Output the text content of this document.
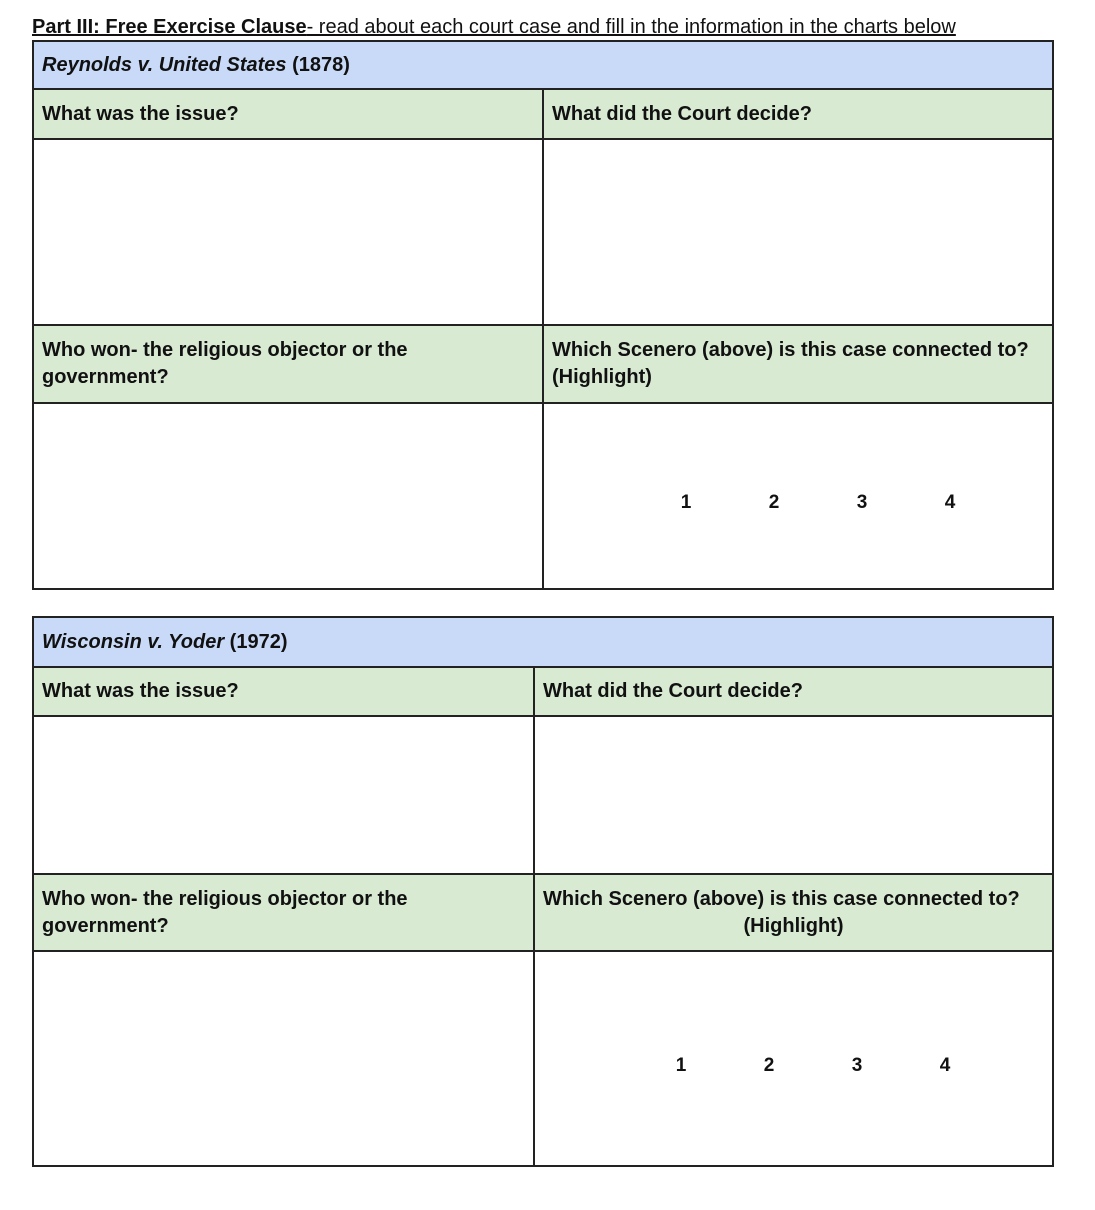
Part III: Free Exercise Clause- read about each court case and fill in the information in the charts below
Reynolds v. United States (1878)	
What was the issue?	What did the Court decide?

Who won- the religious objector or the government?	Which Scenero (above) is this case connected to?
(Highlight)

	1 2 3 4
Wisconsin v. Yoder (1972)	
What was the issue?	What did the Court decide?

Who won- the religious objector or the government?	Which Scenero (above) is this case connected to?
(Highlight)

	1 2 3 4
